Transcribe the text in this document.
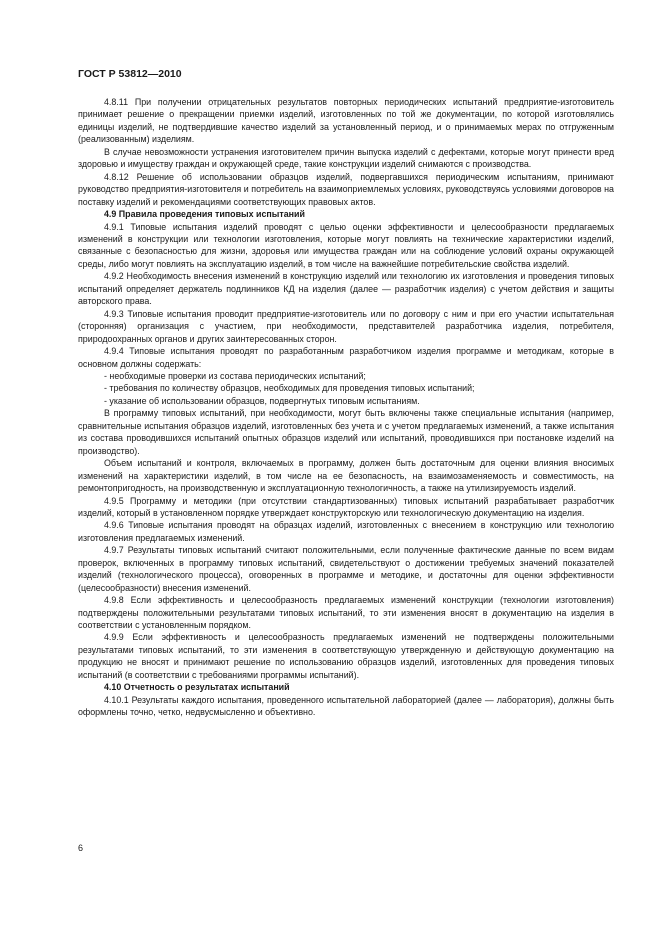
ГОСТ Р 53812—2010

4.8.11 При получении отрицательных результатов повторных периодических испытаний предприятие-изготовитель принимает решение о прекращении приемки изделий, изготовленных по той же документации, по которой изготовлялись единицы изделий, не подтвердившие качество изделий за установленный период, и о принимаемых мерах по отгруженным (реализованным) изделиям.

В случае невозможности устранения изготовителем причин выпуска изделий с дефектами, которые могут принести вред здоровью и имуществу граждан и окружающей среде, такие конструкции изделий снимаются с производства.

4.8.12 Решение об использовании образцов изделий, подвергавшихся периодическим испытаниям, принимают руководство предприятия-изготовителя и потребитель на взаимоприемлемых условиях, руководствуясь условиями договоров на поставку изделий и рекомендациями соответствующих правовых актов.

4.9 Правила проведения типовых испытаний

4.9.1 Типовые испытания изделий проводят с целью оценки эффективности и целесообразности предлагаемых изменений в конструкции или технологии изготовления, которые могут повлиять на технические характеристики изделий, связанные с безопасностью для жизни, здоровья или имущества граждан или на соблюдение условий охраны окружающей среды, либо могут повлиять на эксплуатацию изделий, в том числе на важнейшие потребительские свойства изделий.

4.9.2 Необходимость внесения изменений в конструкцию изделий или технологию их изготовления и проведения типовых испытаний определяет держатель подлинников КД на изделия (далее — разработчик изделия) с учетом действия и защиты авторского права.

4.9.3 Типовые испытания проводит предприятие-изготовитель или по договору с ним и при его участии испытательная (сторонняя) организация с участием, при необходимости, представителей разработчика изделия, потребителя, природоохранных органов и других заинтересованных сторон.

4.9.4 Типовые испытания проводят по разработанным разработчиком изделия программе и методикам, которые в основном должны содержать:

- необходимые проверки из состава периодических испытаний;

- требования по количеству образцов, необходимых для проведения типовых испытаний;

- указание об использовании образцов, подвергнутых типовым испытаниям.

В программу типовых испытаний, при необходимости, могут быть включены также специальные испытания (например, сравнительные испытания образцов изделий, изготовленных без учета и с учетом предлагаемых изменений, а также испытания из состава проводившихся испытаний опытных образцов изделий или испытаний, проводившихся при постановке изделий на производство).

Объем испытаний и контроля, включаемых в программу, должен быть достаточным для оценки влияния вносимых изменений на характеристики изделий, в том числе на ее безопасность, на взаимозаменяемость и совместимость, на ремонтопригодность, на производственную и эксплуатационную технологичность, а также на утилизируемость изделий.

4.9.5 Программу и методики (при отсутствии стандартизованных) типовых испытаний разрабатывает разработчик изделий, который в установленном порядке утверждает конструкторскую или технологическую документацию на изделия.

4.9.6 Типовые испытания проводят на образцах изделий, изготовленных с внесением в конструкцию или технологию изготовления предлагаемых изменений.

4.9.7 Результаты типовых испытаний считают положительными, если полученные фактические данные по всем видам проверок, включенных в программу типовых испытаний, свидетельствуют о достижении требуемых значений показателей изделий (технологического процесса), оговоренных в программе и методике, и достаточны для оценки эффективности (целесообразности) внесения изменений.

4.9.8 Если эффективность и целесообразность предлагаемых изменений конструкции (технологии изготовления) подтверждены положительными результатами типовых испытаний, то эти изменения вносят в документацию на изделия в соответствии с установленным порядком.

4.9.9 Если эффективность и целесообразность предлагаемых изменений не подтверждены положительными результатами типовых испытаний, то эти изменения в соответствующую утвержденную и действующую документацию на продукцию не вносят и принимают решение по использованию образцов изделий, изготовленных для проведения типовых испытаний (в соответствии с требованиями программы испытаний).

4.10 Отчетность о результатах испытаний

4.10.1 Результаты каждого испытания, проведенного испытательной лабораторией (далее — лаборатория), должны быть оформлены точно, четко, недвусмысленно и объективно.

6
